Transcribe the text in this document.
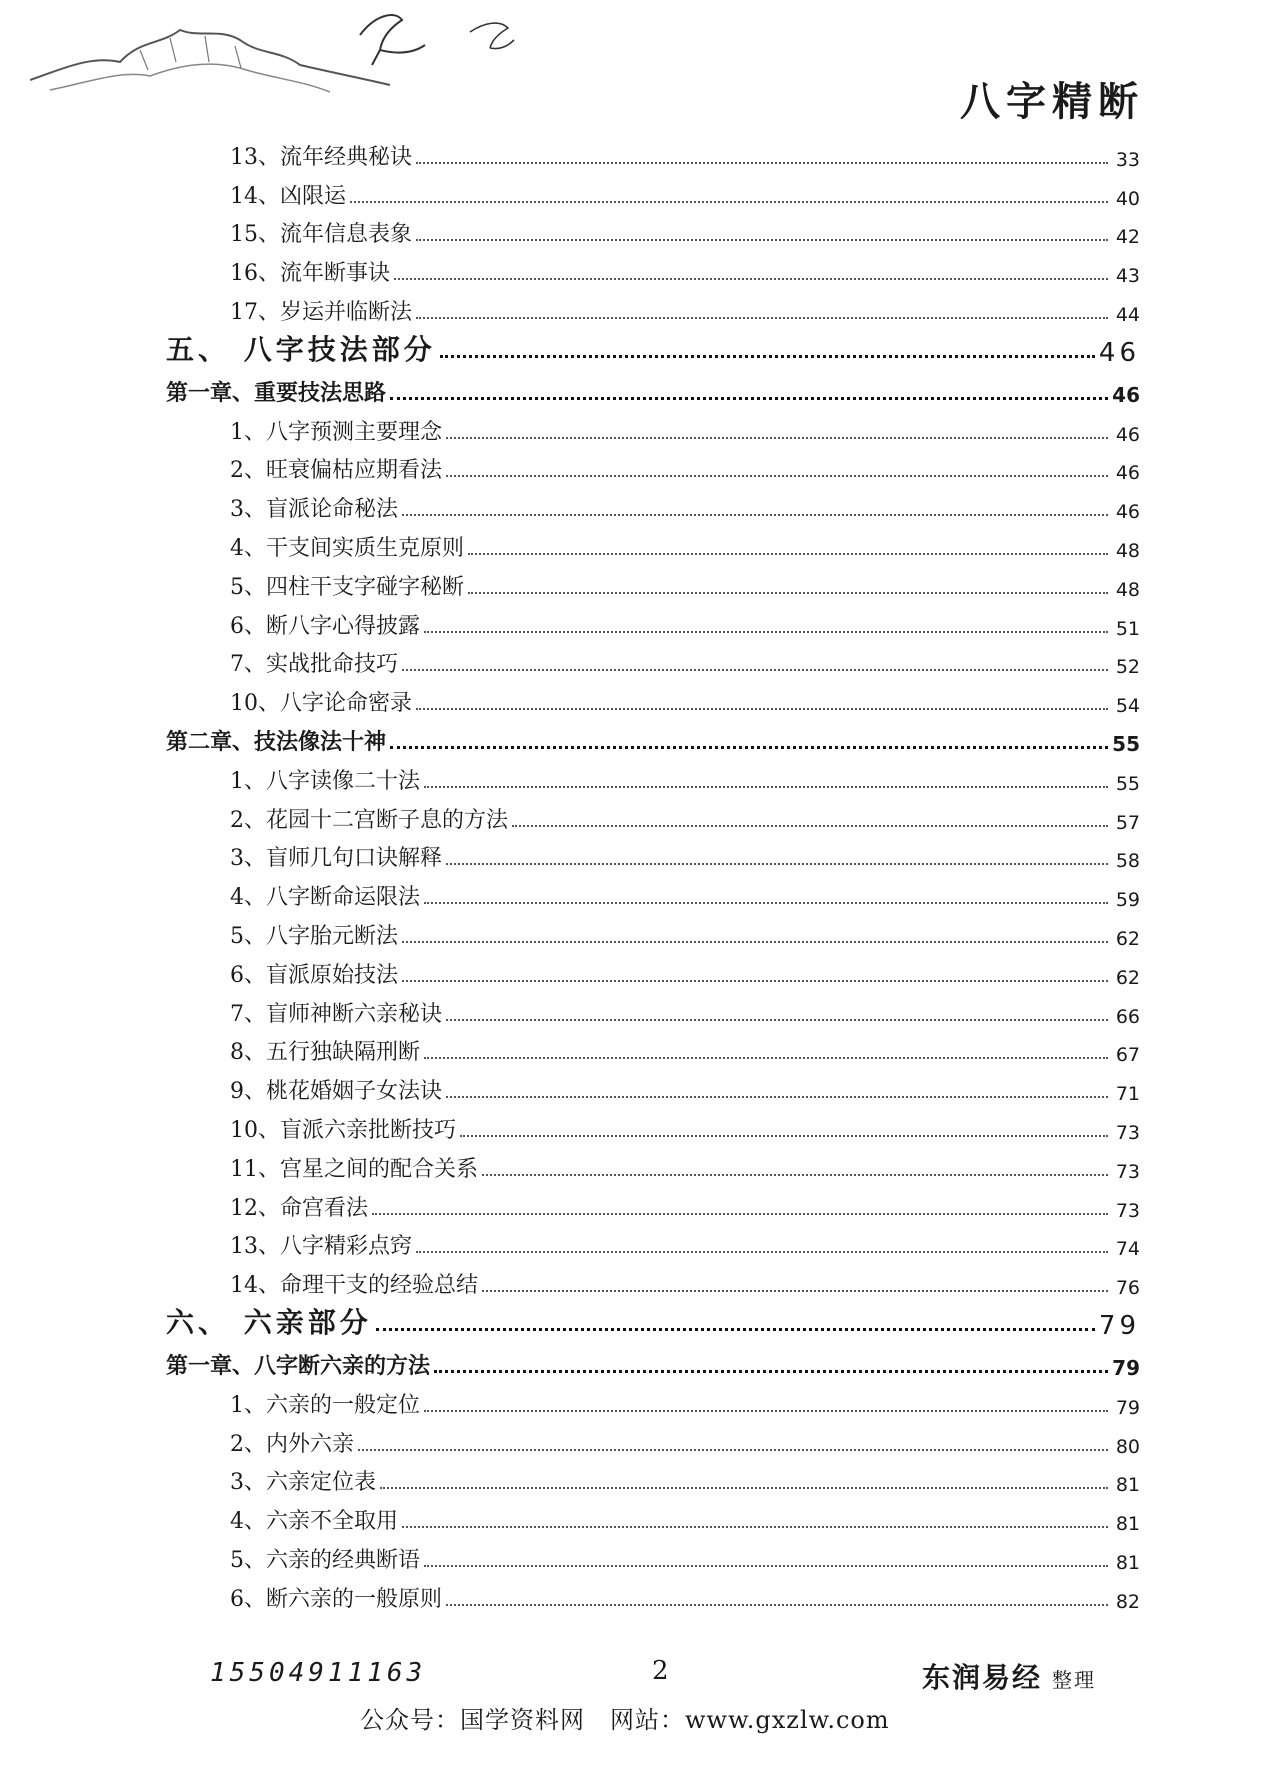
八字精断
13、流年经典秘诀	33
14、凶限运	40
15、流年信息表象	42
16、流年断事诀	43
17、岁运并临断法	44
五、 八字技法部分	46
第一章、重要技法思路	46
1、八字预测主要理念	46
2、旺衰偏枯应期看法	46
3、盲派论命秘法	46
4、干支间实质生克原则	48
5、四柱干支字碰字秘断	48
6、断八字心得披露	51
7、实战批命技巧	52
10、八字论命密录	54
第二章、技法像法十神	55
1、八字读像二十法	55
2、花园十二宫断子息的方法	57
3、盲师几句口诀解释	58
4、八字断命运限法	59
5、八字胎元断法	62
6、盲派原始技法	62
7、盲师神断六亲秘诀	66
8、五行独缺隔刑断	67
9、桃花婚姻子女法诀	71
10、盲派六亲批断技巧	73
11、宫星之间的配合关系	73
12、命宫看法	73
13、八字精彩点窍	74
14、命理干支的经验总结	76
六、 六亲部分	79
第一章、八字断六亲的方法	79
1、六亲的一般定位	79
2、内外六亲	80
3、六亲定位表	81
4、六亲不全取用	81
5、六亲的经典断语	81
6、断六亲的一般原则	82
15504911163	2	东润易经 整理
公众号：国学资料网　网站：www.gxzlw.com
